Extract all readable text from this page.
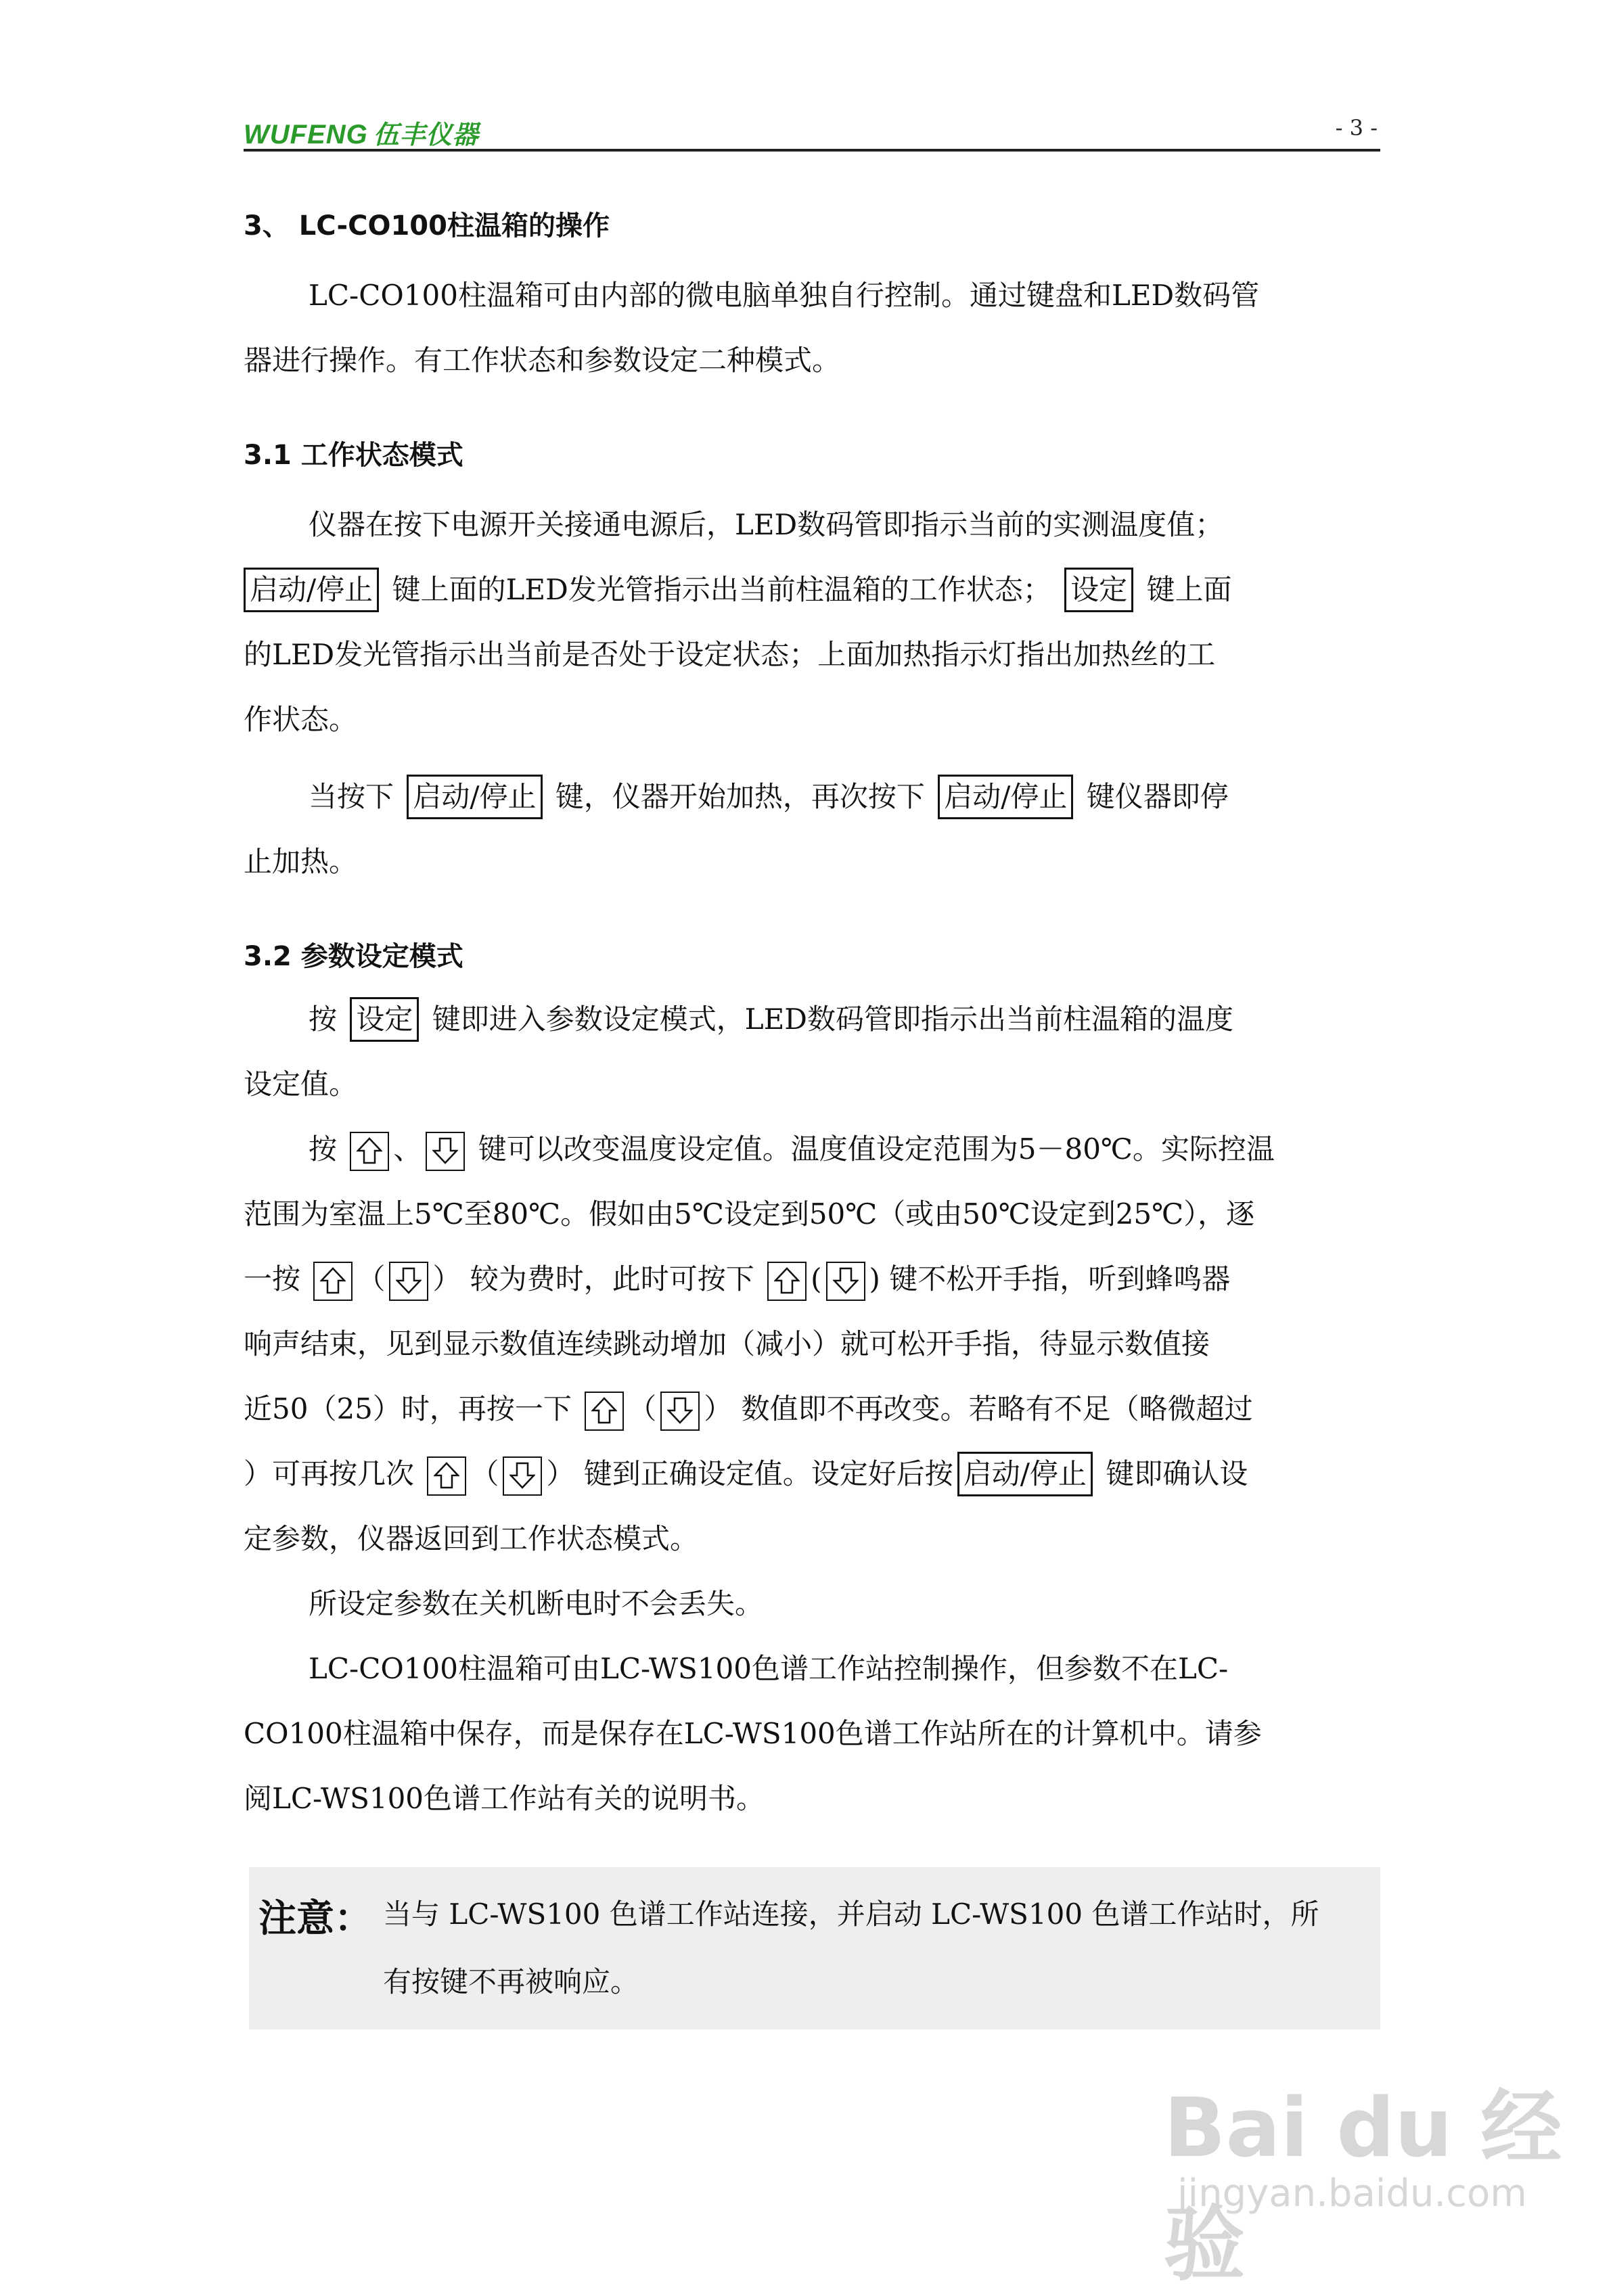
WUFENG 伍丰仪器	- 3 -
3、 LC-CO100柱温箱的操作

LC-CO100柱温箱可由内部的微电脑单独自行控制。通过键盘和LED数码管

器进行操作。有工作状态和参数设定二种模式。

3.1 工作状态模式

仪器在按下电源开关接通电源后，LED数码管即指示当前的实测温度值；

启动/停止 键上面的LED发光管指示出当前柱温箱的工作状态； 设定 键上面

的LED发光管指示出当前是否处于设定状态；上面加热指示灯指出加热丝的工

作状态。

当按下 启动/停止 键，仪器开始加热，再次按下 启动/停止 键仪器即停

止加热。

3.2 参数设定模式

按 设定 键即进入参数设定模式，LED数码管即指示出当前柱温箱的温度

设定值。

按 、 键可以改变温度设定值。温度值设定范围为5－80℃。实际控温

范围为室温上5℃至80℃。假如由5℃设定到50℃（或由50℃设定到25℃），逐

一按 （ ） 较为费时，此时可按下 ( ) 键不松开手指，听到蜂鸣器

响声结束，见到显示数值连续跳动增加（减小）就可松开手指，待显示数值接

近50（25）时，再按一下 （ ） 数值即不再改变。若略有不足（略微超过

）可再按几次 （ ） 键到正确设定值。设定好后按 启动/停止 键即确认设

定参数，仪器返回到工作状态模式。

所设定参数在关机断电时不会丢失。

LC-CO100柱温箱可由LC-WS100色谱工作站控制操作，但参数不在LC-

CO100柱温箱中保存，而是保存在LC-WS100色谱工作站所在的计算机中。请参

阅LC-WS100色谱工作站有关的说明书。

注意： 当与 LC-WS100 色谱工作站连接，并启动 LC-WS100 色谱工作站时，所
有按键不再被响应。
Bai du 经验
jingyan.baidu.com
